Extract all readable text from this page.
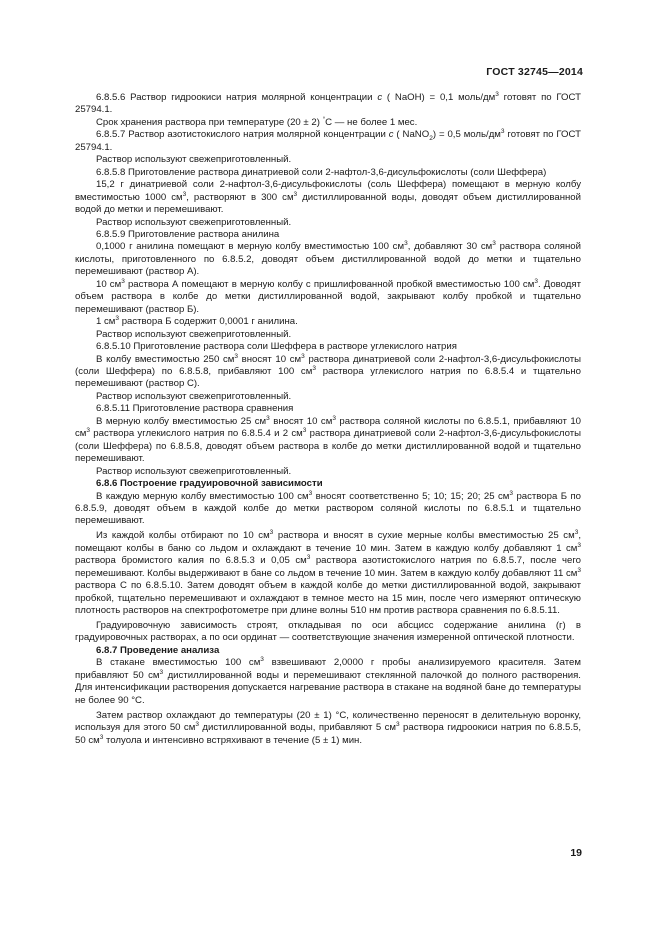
ГОСТ 32745—2014

6.8.5.6 Раствор гидроокиси натрия молярной концентрации c ( NaOH) = 0,1 моль/$дм^3$ готовят по ГОСТ 25794.1.

Срок хранения раствора при температуре (20 ± 2) °С — не более 1 мес.

6.8.5.7 Раствор азотистокислого натрия молярной концентрации c ( NaNO$_2$) = 0,5 моль/$дм^3$ готовят по ГОСТ 25794.1.

Раствор используют свежеприготовленный.

6.8.5.8 Приготовление раствора динатриевой соли 2-нафтол-3,6-дисульфокислоты (соли Шеффера)

15,2 г динатриевой соли 2-нафтол-3,6-дисульфокислоты (соль Шеффера) помещают в мерную колбу вместимостью 1000 $см^3$, растворяют в 300 $см^3$ дистиллированной воды, доводят объем дистиллированной водой до метки и перемешивают.

Раствор используют свежеприготовленный.

6.8.5.9 Приготовление раствора анилина

0,1000 г анилина помещают в мерную колбу вместимостью 100 $см^3$, добавляют 30 $см^3$ раствора соляной кислоты, приготовленного по 6.8.5.2, доводят объем дистиллированной водой до метки и тщательно перемешивают (раствор А).

10 $см^3$ раствора А помещают в мерную колбу с пришлифованной пробкой вместимостью 100 $см^3$. Доводят объем раствора в колбе до метки дистиллированной водой, закрывают колбу пробкой и тщательно перемешивают (раствор Б).

1 $см^3$ раствора Б содержит 0,0001 г анилина.

Раствор используют свежеприготовленный.

6.8.5.10 Приготовление раствора соли Шеффера в растворе углекислого натрия

В колбу вместимостью 250 $см^3$ вносят 10 $см^3$ раствора динатриевой соли 2-нафтол-3,6-дисульфокислоты (соли Шеффера) по 6.8.5.8, прибавляют 100 $см^3$ раствора углекислого натрия по 6.8.5.4 и тщательно перемешивают (раствор С).

Раствор используют свежеприготовленный.

6.8.5.11 Приготовление раствора сравнения

В мерную колбу вместимостью 25 $см^3$ вносят 10 $см^3$ раствора соляной кислоты по 6.8.5.1, прибавляют 10 $см^3$ раствора углекислого натрия по 6.8.5.4 и 2 $см^3$ раствора динатриевой соли 2-нафтол-3,6-дисульфокислоты (соли Шеффера) по 6.8.5.8, доводят объем раствора в колбе до метки дистиллированной водой и тщательно перемешивают.

Раствор используют свежеприготовленный.

6.8.6 Построение градуировочной зависимости

В каждую мерную колбу вместимостью 100 $см^3$ вносят соответственно 5; 10; 15; 20; 25 $см^3$ раствора Б по 6.8.5.9, доводят объем в каждой колбе до метки раствором соляной кислоты по 6.8.5.1 и тщательно перемешивают.

Из каждой колбы отбирают по 10 $см^3$ раствора и вносят в сухие мерные колбы вместимостью 25 $см^3$, помещают колбы в баню со льдом и охлаждают в течение 10 мин. Затем в каждую колбу добавляют 1 $см^3$ раствора бромистого калия по 6.8.5.3 и 0,05 $см^3$ раствора азотистокислого натрия по 6.8.5.7, после чего перемешивают. Колбы выдерживают в бане со льдом в течение 10 мин. Затем в каждую колбу добавляют 11 $см^3$ раствора С по 6.8.5.10. Затем доводят объем в каждой колбе до метки дистиллированной водой, закрывают пробкой, тщательно перемешивают и охлаждают в темное место на 15 мин, после чего измеряют оптическую плотность растворов на спектрофотометре при длине волны 510 нм против раствора сравнения по 6.8.5.11.

Градуировочную зависимость строят, откладывая по оси абсцисс содержание анилина (г) в градуировочных растворах, а по оси ординат — соответствующие значения измеренной оптической плотности.

6.8.7 Проведение анализа

В стакане вместимостью 100 $см^3$ взвешивают 2,0000 г пробы анализируемого красителя. Затем прибавляют 50 $см^3$ дистиллированной воды и перемешивают стеклянной палочкой до полного растворения. Для интенсификации растворения допускается нагревание раствора в стакане на водяной бане до температуры не более 90 °С.

Затем раствор охлаждают до температуры (20 ± 1) °С, количественно переносят в делительную воронку, используя для этого 50 $см^3$ дистиллированной воды, прибавляют 5 $см^3$ раствора гидроокиси натрия по 6.8.5.5, 50 $см^3$ толуола и интенсивно встряхивают в течение (5 ± 1) мин.

19
